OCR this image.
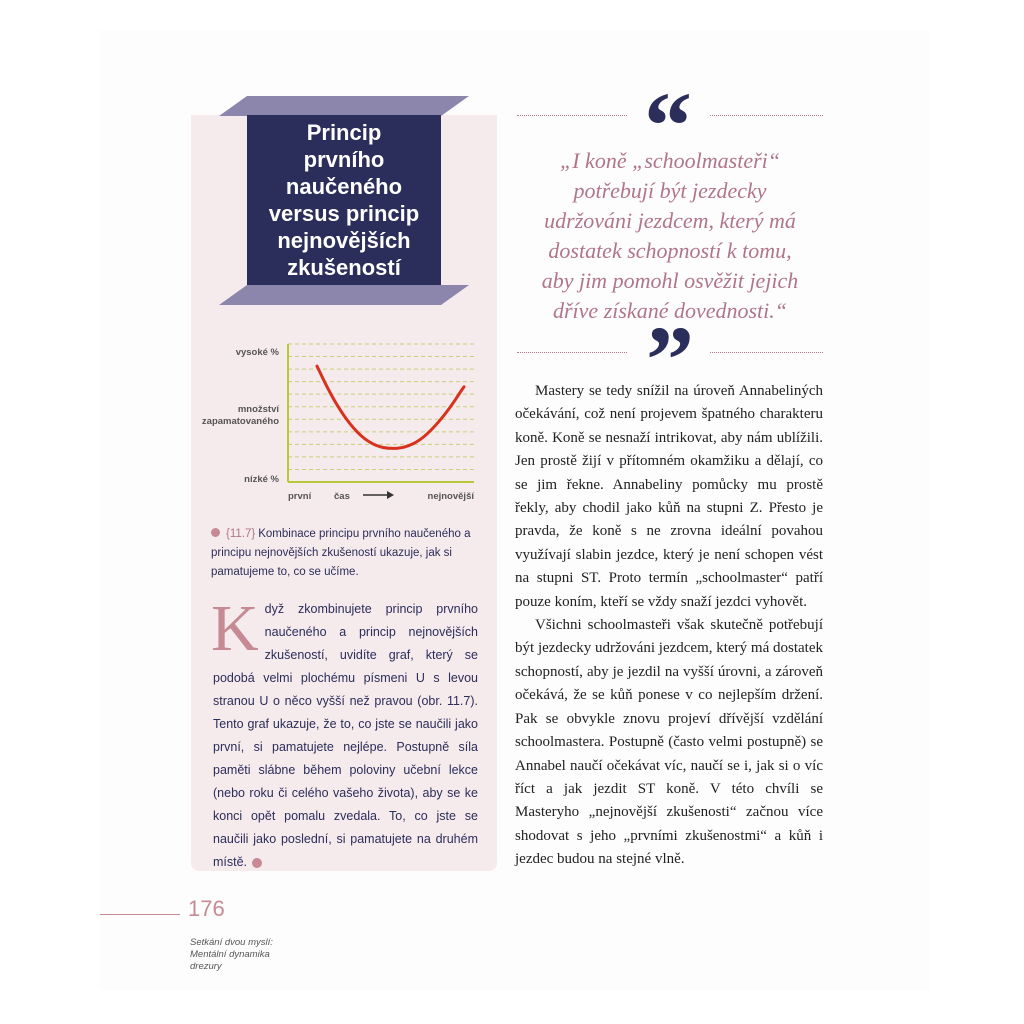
Princip
prvního
naučeného
versus princip
nejnovějších
zkušeností

vysoké %
množství
zapamatovaného
nízké %
první čas	nejnovější
{11.7} Kombinace principu prvního naučeného a principu nejnovějších zkušeností ukazuje, jak si pamatujeme to, co se učíme.

Když zkombinujete princip prvního naučeného a princip nejnovějších zkušeností, uvidíte graf, který se podobá velmi plochému písmeni U s levou stranou U o něco vyšší než pravou (obr. 11.7). Tento graf ukazuje, že to, co jste se naučili jako první, si pamatujete nejlépe. Postupně síla paměti slábne během poloviny učební lekce (nebo roku či celého vašeho života), aby se ke konci opět pomalu zvedala. To, co jste se naučili jako poslední, si pamatujete na druhém místě.

“

„I koně „schoolmasteři“
potřebují být jezdecky
udržováni jezdcem, který má
dostatek schopností k tomu,
aby jim pomohl osvěžit jejich
dříve získané dovednosti.“

”

Mastery se tedy snížil na úroveň Annabeliných očekávání, což není projevem špatného charakteru koně. Koně se nesnaží intrikovat, aby nám ublížili. Jen prostě žijí v přítomném okamžiku a dělají, co se jim řekne. Annabeliny pomůcky mu prostě řekly, aby chodil jako kůň na stupni Z. Přesto je pravda, že koně s ne zrovna ideální povahou využívají slabin jezdce, který je není schopen vést na stupni ST. Proto termín „schoolmaster“ patří pouze koním, kteří se vždy snaží jezdci vyhovět.

Všichni schoolmasteři však skutečně potřebují být jezdecky udržováni jezdcem, který má dostatek schopností, aby je jezdil na vyšší úrovni, a zároveň očekává, že se kůň ponese v co nejlepším držení. Pak se obvykle znovu projeví dřívější vzdělání schoolmastera. Postupně (často velmi postupně) se Annabel naučí očekávat víc, naučí se i, jak si o víc říct a jak jezdit ST koně. V této chvíli se Masteryho „nejnovější zkušenosti“ začnou více shodovat s jeho „prvními zkušenostmi“ a kůň i jezdec budou na stejné vlně.

176
Setkání dvou myslí:
Mentální dynamika
drezury
